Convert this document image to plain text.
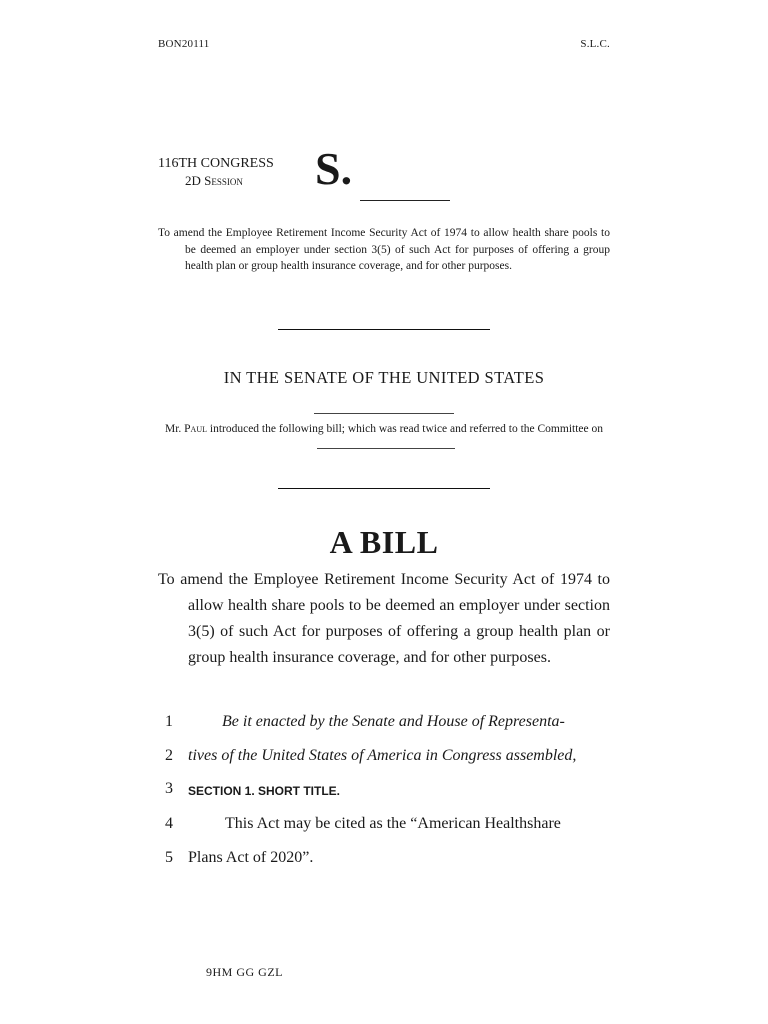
BON20111	S.L.C.
116TH CONGRESS
2D Session S.
To amend the Employee Retirement Income Security Act of 1974 to allow health share pools to be deemed an employer under section 3(5) of such Act for purposes of offering a group health plan or group health insurance coverage, and for other purposes.
IN THE SENATE OF THE UNITED STATES
Mr. Paul introduced the following bill; which was read twice and referred to the Committee on
A BILL
To amend the Employee Retirement Income Security Act of 1974 to allow health share pools to be deemed an employer under section 3(5) of such Act for purposes of offering a group health plan or group health insurance coverage, and for other purposes.
1	Be it enacted by the Senate and House of Representa-
2 tives of the United States of America in Congress assembled,
3 SECTION 1. SHORT TITLE.
4	This Act may be cited as the “American Healthshare
5 Plans Act of 2020”.
9HM GG GZL
